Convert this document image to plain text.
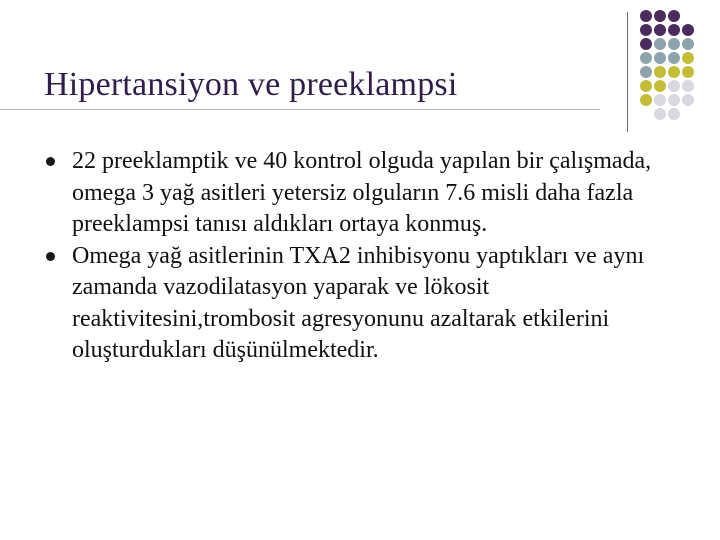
Hipertansiyon ve preeklampsi
22 preeklamptik ve 40 kontrol olguda yapılan bir çalışmada, omega 3 yağ asitleri yetersiz olguların 7.6 misli daha fazla preeklampsi tanısı aldıkları ortaya konmuş.
Omega yağ asitlerinin TXA2 inhibisyonu yaptıkları ve aynı zamanda vazodilatasyon yaparak ve lökosit reaktivitesini,trombosit agresyonunu azaltarak etkilerini oluşturdukları düşünülmektedir.
